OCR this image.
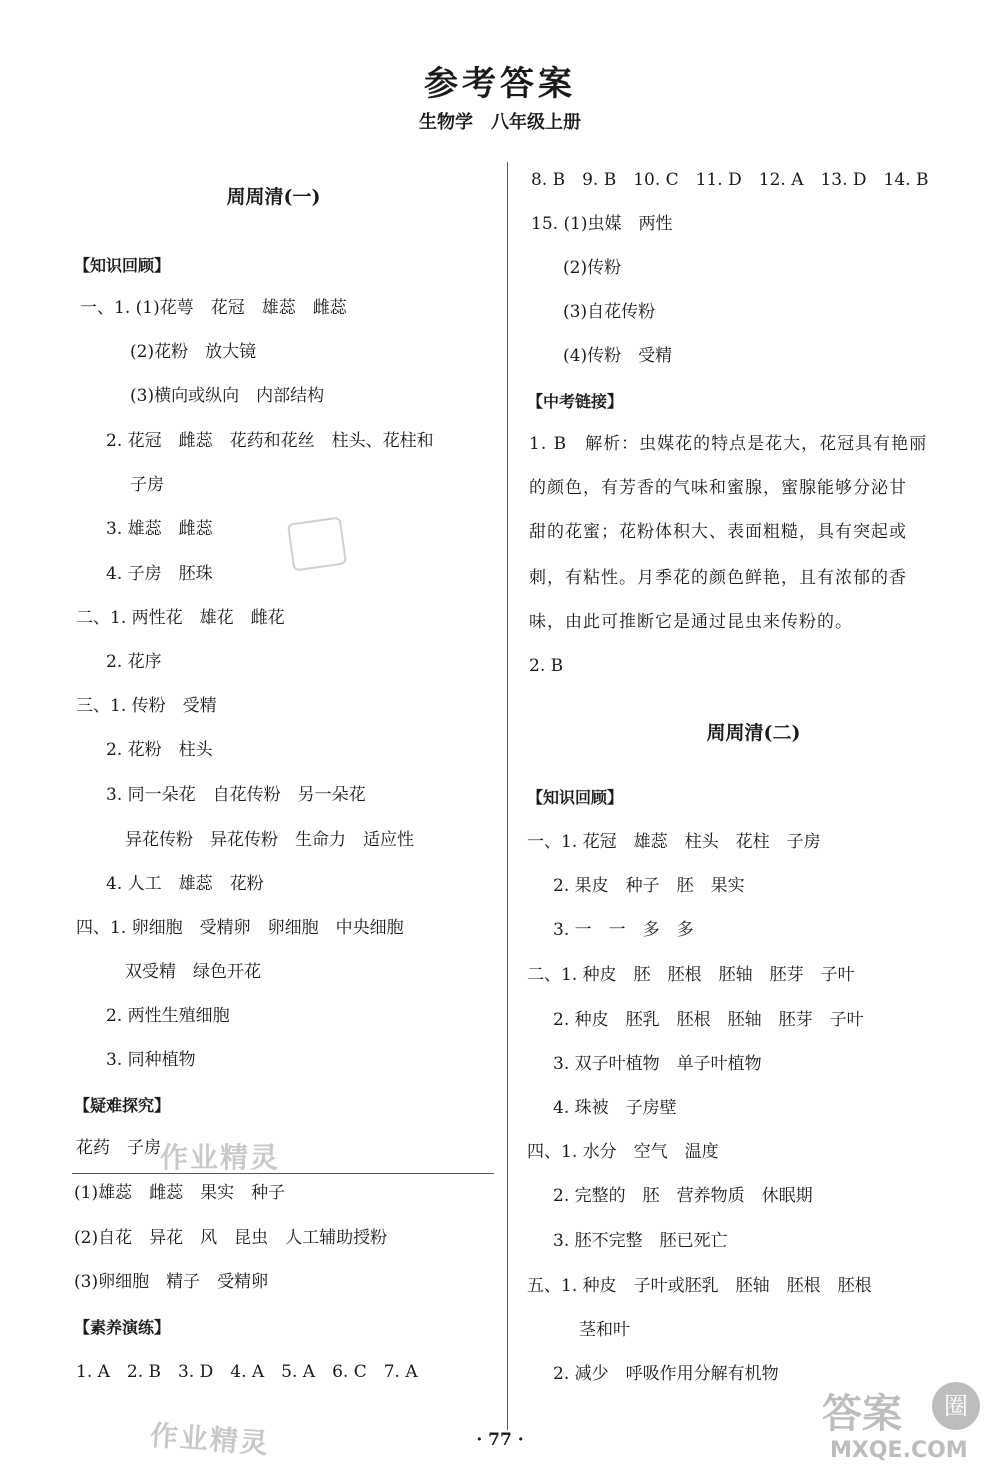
参考答案
生物学　八年级上册
周周清(一)
【知识回顾】
一、1. (1)花萼　花冠　雄蕊　雌蕊
(2)花粉　放大镜
(3)横向或纵向　内部结构
2. 花冠　雌蕊　花药和花丝　柱头、花柱和
子房
3. 雄蕊　雌蕊
4. 子房　胚珠
二、1. 两性花　雄花　雌花
2. 花序
三、1. 传粉　受精
2. 花粉　柱头
3. 同一朵花　自花传粉　另一朵花
异花传粉　异花传粉　生命力　适应性
4. 人工　雄蕊　花粉
四、1. 卵细胞　受精卵　卵细胞　中央细胞
双受精　绿色开花
2. 两性生殖细胞
3. 同种植物
【疑难探究】
花药　子房
(1)雄蕊　雌蕊　果实　种子
(2)自花　异花　风　昆虫　人工辅助授粉
(3)卵细胞　精子　受精卵
【素养演练】
1. A　2. B　3. D　4. A　5. A　6. C　7. A
8. B　9. B　10. C　11. D　12. A　13. D　14. B
15. (1)虫媒　两性
(2)传粉
(3)自花传粉
(4)传粉　受精
【中考链接】
1. B　解析：虫媒花的特点是花大，花冠具有艳丽
的颜色，有芳香的气味和蜜腺，蜜腺能够分泌甘
甜的花蜜；花粉体积大、表面粗糙，具有突起或
刺，有粘性。月季花的颜色鲜艳，且有浓郁的香
味，由此可推断它是通过昆虫来传粉的。
2. B
周周清(二)
【知识回顾】
一、1. 花冠　雄蕊　柱头　花柱　子房
2. 果皮　种子　胚　果实
3. 一　一　多　多
二、1. 种皮　胚　胚根　胚轴　胚芽　子叶
2. 种皮　胚乳　胚根　胚轴　胚芽　子叶
3. 双子叶植物　单子叶植物
4. 珠被　子房壁
四、1. 水分　空气　温度
2. 完整的　胚　营养物质　休眠期
3. 胚不完整　胚已死亡
五、1. 种皮　子叶或胚乳　胚轴　胚根　胚根
茎和叶
2. 减少　呼吸作用分解有机物
作业精灵
作业精灵	· 77 ·
答案	圈
MXQE.COM
